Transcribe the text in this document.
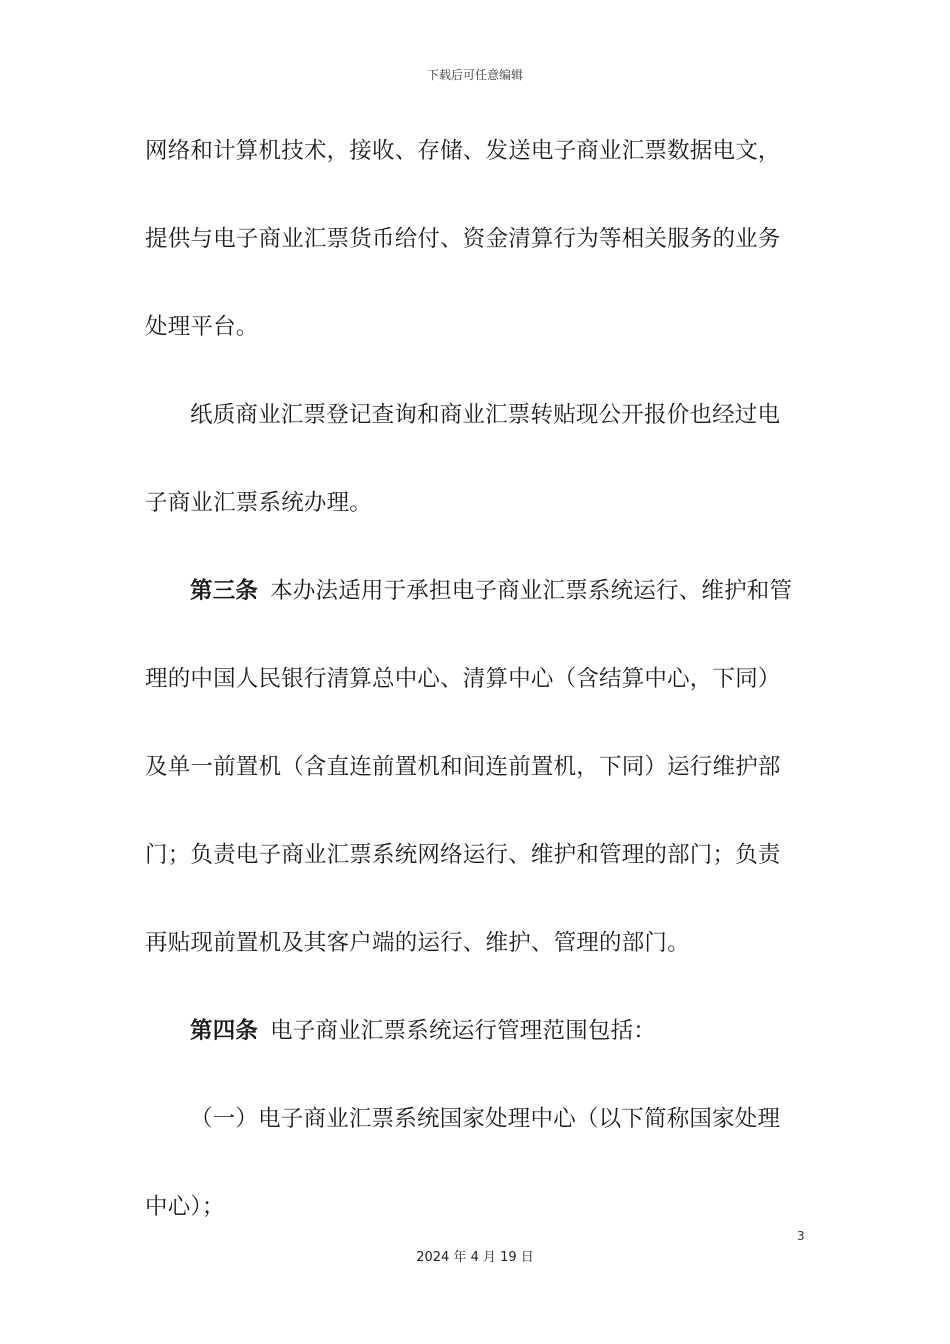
下载后可任意编辑
网络和计算机技术，接收、存储、发送电子商业汇票数据电文，
提供与电子商业汇票货币给付、资金清算行为等相关服务的业务
处理平台。
纸质商业汇票登记查询和商业汇票转贴现公开报价也经过电
子商业汇票系统办理。
第三条 本办法适用于承担电子商业汇票系统运行、维护和管
理的中国人民银行清算总中心、清算中心（含结算中心，下同）
及单一前置机（含直连前置机和间连前置机，下同）运行维护部
门；负责电子商业汇票系统网络运行、维护和管理的部门；负责
再贴现前置机及其客户端的运行、维护、管理的部门。
第四条 电子商业汇票系统运行管理范围包括：
（一）电子商业汇票系统国家处理中心（以下简称国家处理
中心）；
3
2024 年 4 月 19 日
